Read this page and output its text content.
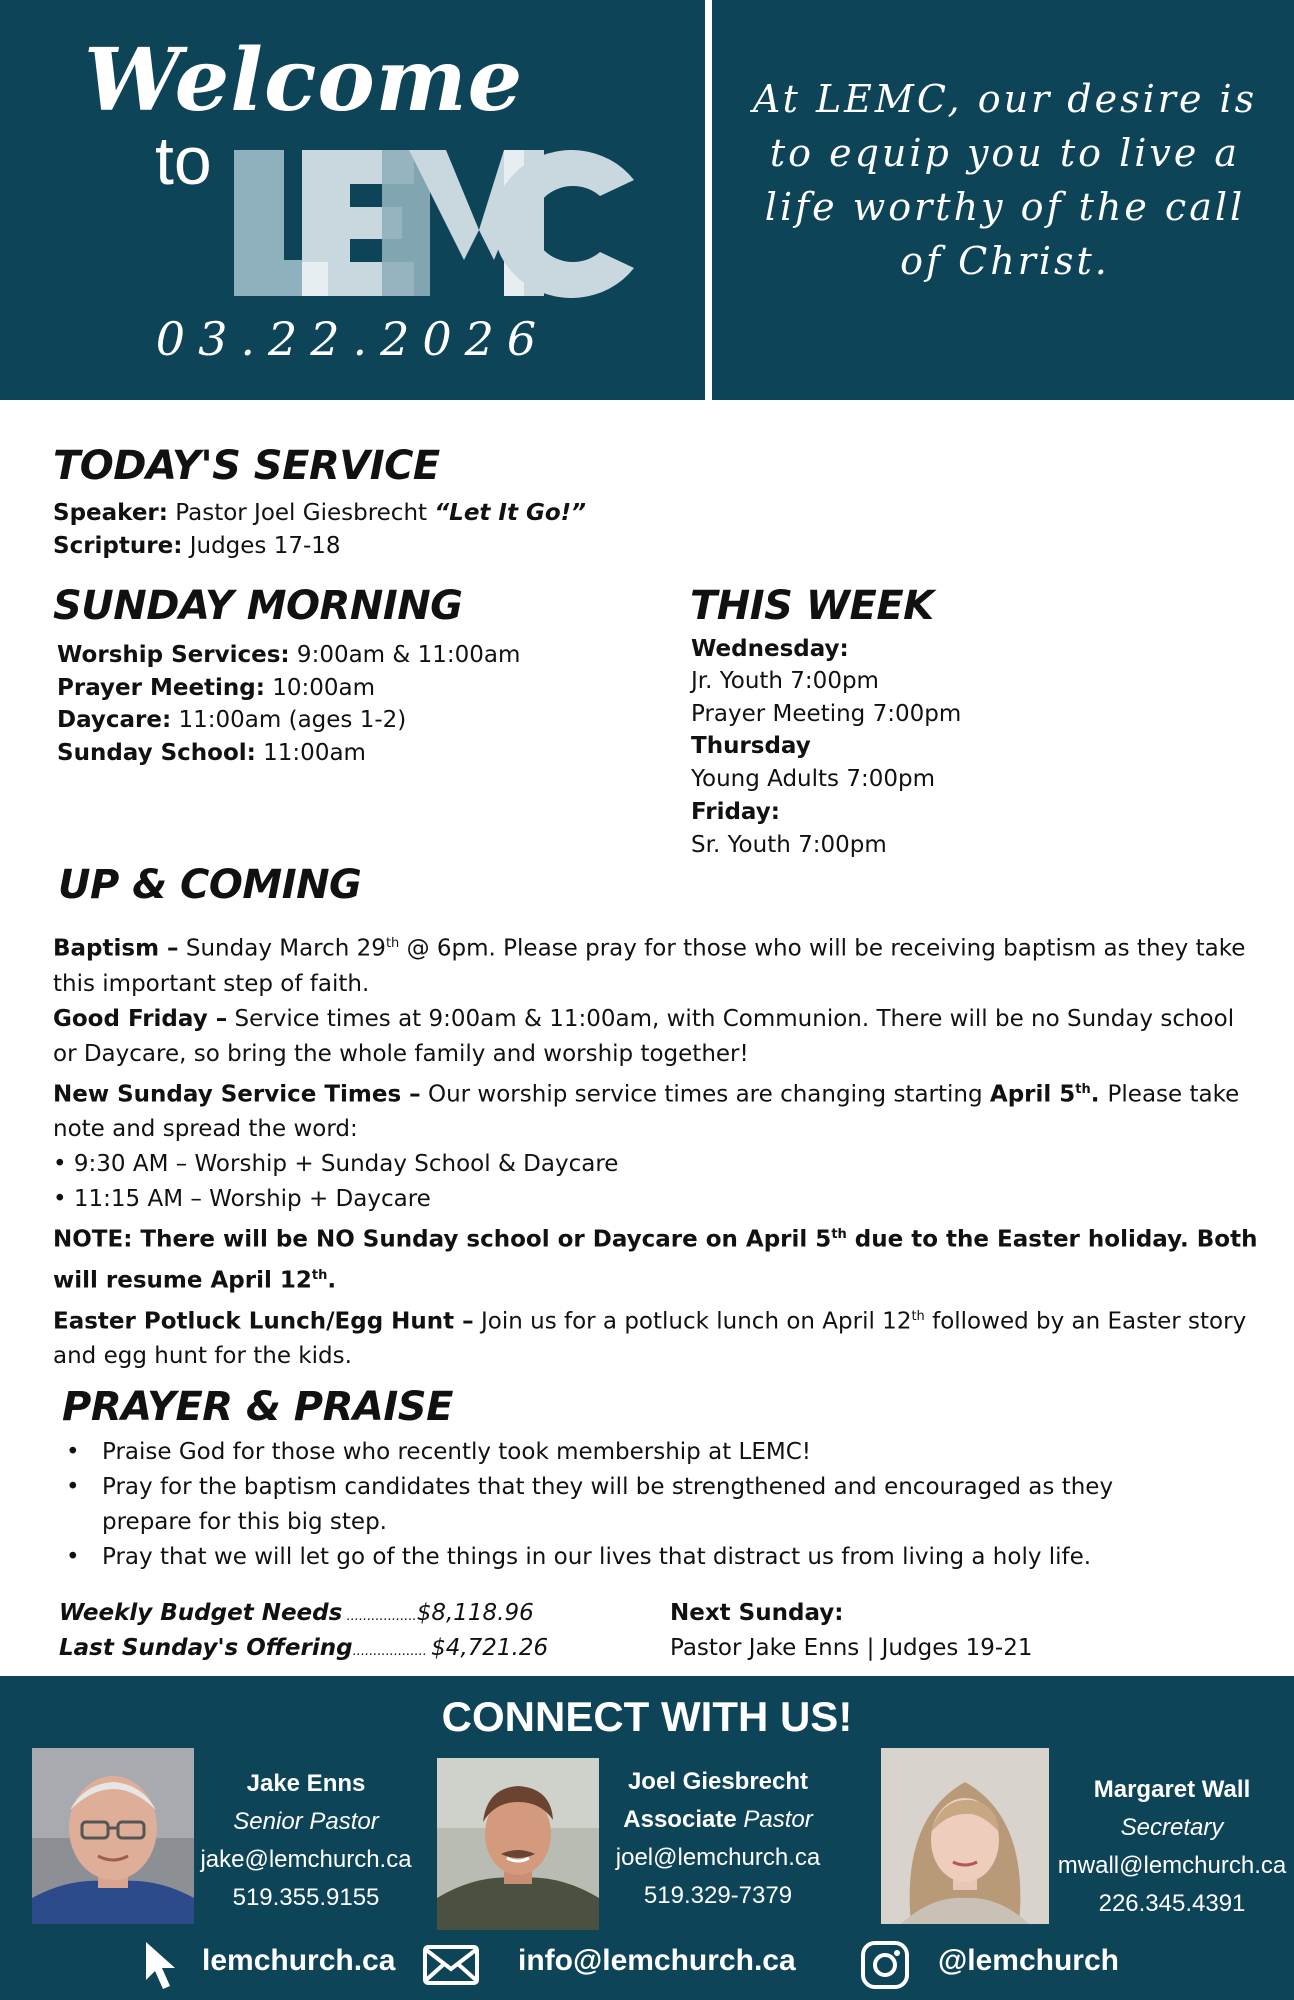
Welcome
to
03.22.2026
At LEMC, our desire is to equip you to live a life worthy of the call of Christ.
TODAY'S SERVICE
Speaker: Pastor Joel Giesbrecht “Let It Go!”
Scripture: Judges 17-18
SUNDAY MORNING
Worship Services: 9:00am & 11:00am
Prayer Meeting: 10:00am
Daycare: 11:00am (ages 1-2)
Sunday School: 11:00am
THIS WEEK
Wednesday:
Jr. Youth 7:00pm
Prayer Meeting 7:00pm
Thursday
Young Adults 7:00pm
Friday:
Sr. Youth 7:00pm
UP & COMING
Baptism – Sunday March 29th @ 6pm. Please pray for those who will be receiving baptism as they take this important step of faith.
Good Friday – Service times at 9:00am & 11:00am, with Communion. There will be no Sunday school or Daycare, so bring the whole family and worship together!
New Sunday Service Times – Our worship service times are changing starting April 5th. Please take note and spread the word:
• 9:30 AM – Worship + Sunday School & Daycare
• 11:15 AM – Worship + Daycare
NOTE: There will be NO Sunday school or Daycare on April 5th due to the Easter holiday. Both will resume April 12th.
Easter Potluck Lunch/Egg Hunt – Join us for a potluck lunch on April 12th followed by an Easter story and egg hunt for the kids.
PRAYER & PRAISE
• Praise God for those who recently took membership at LEMC!
• Pray for the baptism candidates that they will be strengthened and encouraged as they prepare for this big step.
• Pray that we will let go of the things in our lives that distract us from living a holy life.
Weekly Budget Needs .................$8,118.96
Last Sunday's Offering.................. $4,721.26
Next Sunday:
Pastor Jake Enns | Judges 19-21
CONNECT WITH US!
Jake Enns
Senior Pastor
jake@lemchurch.ca
519.355.9155
Joel Giesbrecht
Associate Pastor
joel@lemchurch.ca
519.329-7379
Margaret Wall
Secretary
mwall@lemchurch.ca
226.345.4391
lemchurch.ca	info@lemchurch.ca	@lemchurch
